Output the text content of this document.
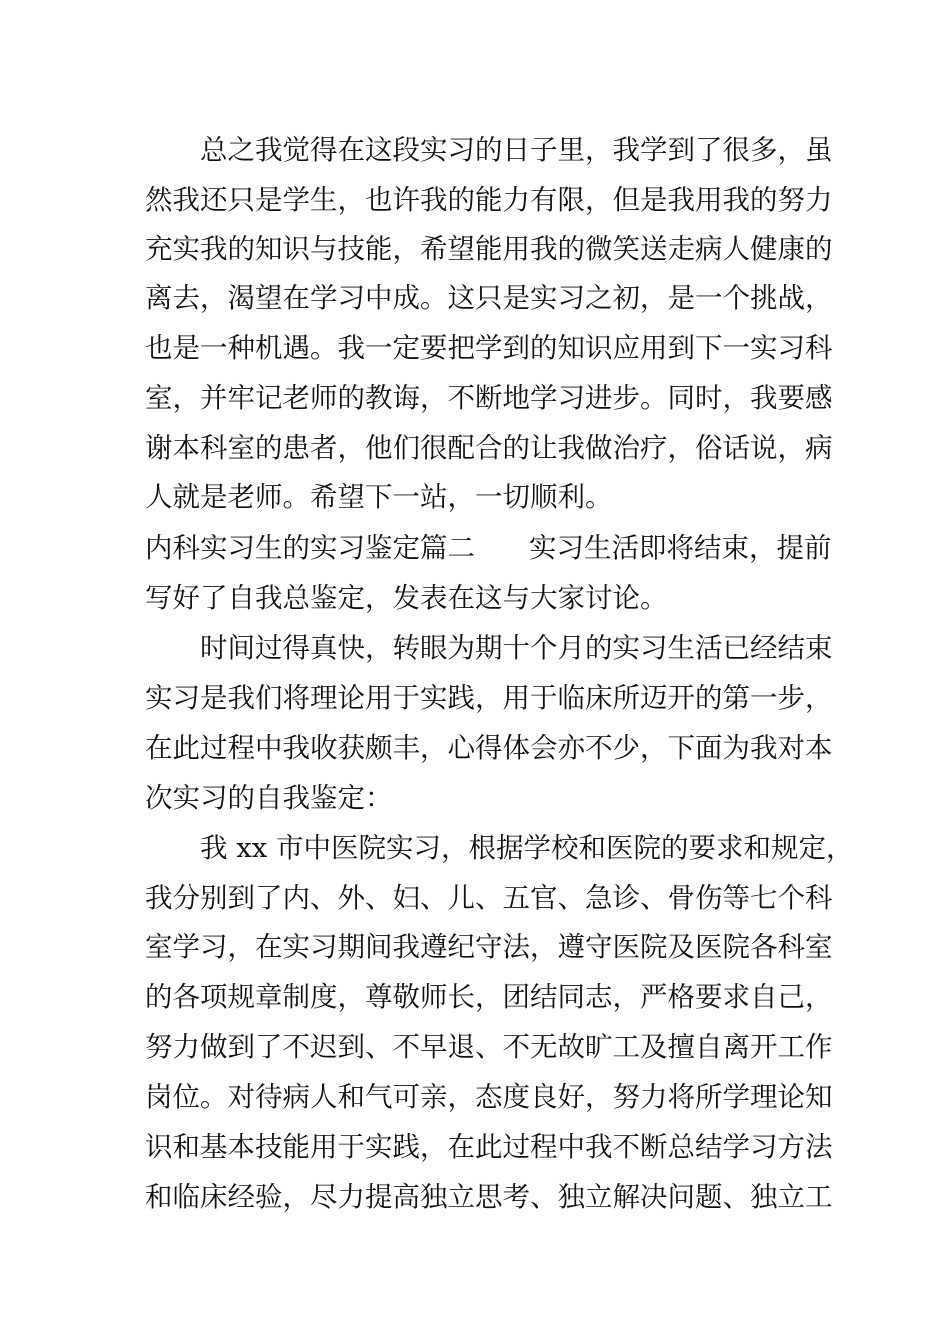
总之我觉得在这段实习的日子里，我学到了很多，虽

然我还只是学生，也许我的能力有限，但是我用我的努力

充实我的知识与技能，希望能用我的微笑送走病人健康的

离去，渴望在学习中成。这只是实习之初，是一个挑战，

也是一种机遇。我一定要把学到的知识应用到下一实习科

室，并牢记老师的教诲，不断地学习进步。同时，我要感

谢本科室的患者，他们很配合的让我做治疗，俗话说，病

人就是老师。希望下一站，一切顺利。

内科实习生的实习鉴定篇二 实习生活即将结束，提前

写好了自我总鉴定，发表在这与大家讨论。

时间过得真快，转眼为期十个月的实习生活已经结束

实习是我们将理论用于实践，用于临床所迈开的第一步，

在此过程中我收获颇丰，心得体会亦不少，下面为我对本

次实习的自我鉴定：

我 xx 市中医院实习，根据学校和医院的要求和规定，

我分别到了内、外、妇、儿、五官、急诊、骨伤等七个科

室学习，在实习期间我遵纪守法，遵守医院及医院各科室

的各项规章制度，尊敬师长，团结同志，严格要求自己，

努力做到了不迟到、不早退、不无故旷工及擅自离开工作

岗位。对待病人和气可亲，态度良好，努力将所学理论知

识和基本技能用于实践，在此过程中我不断总结学习方法

和临床经验，尽力提高独立思考、独立解决问题、独立工
